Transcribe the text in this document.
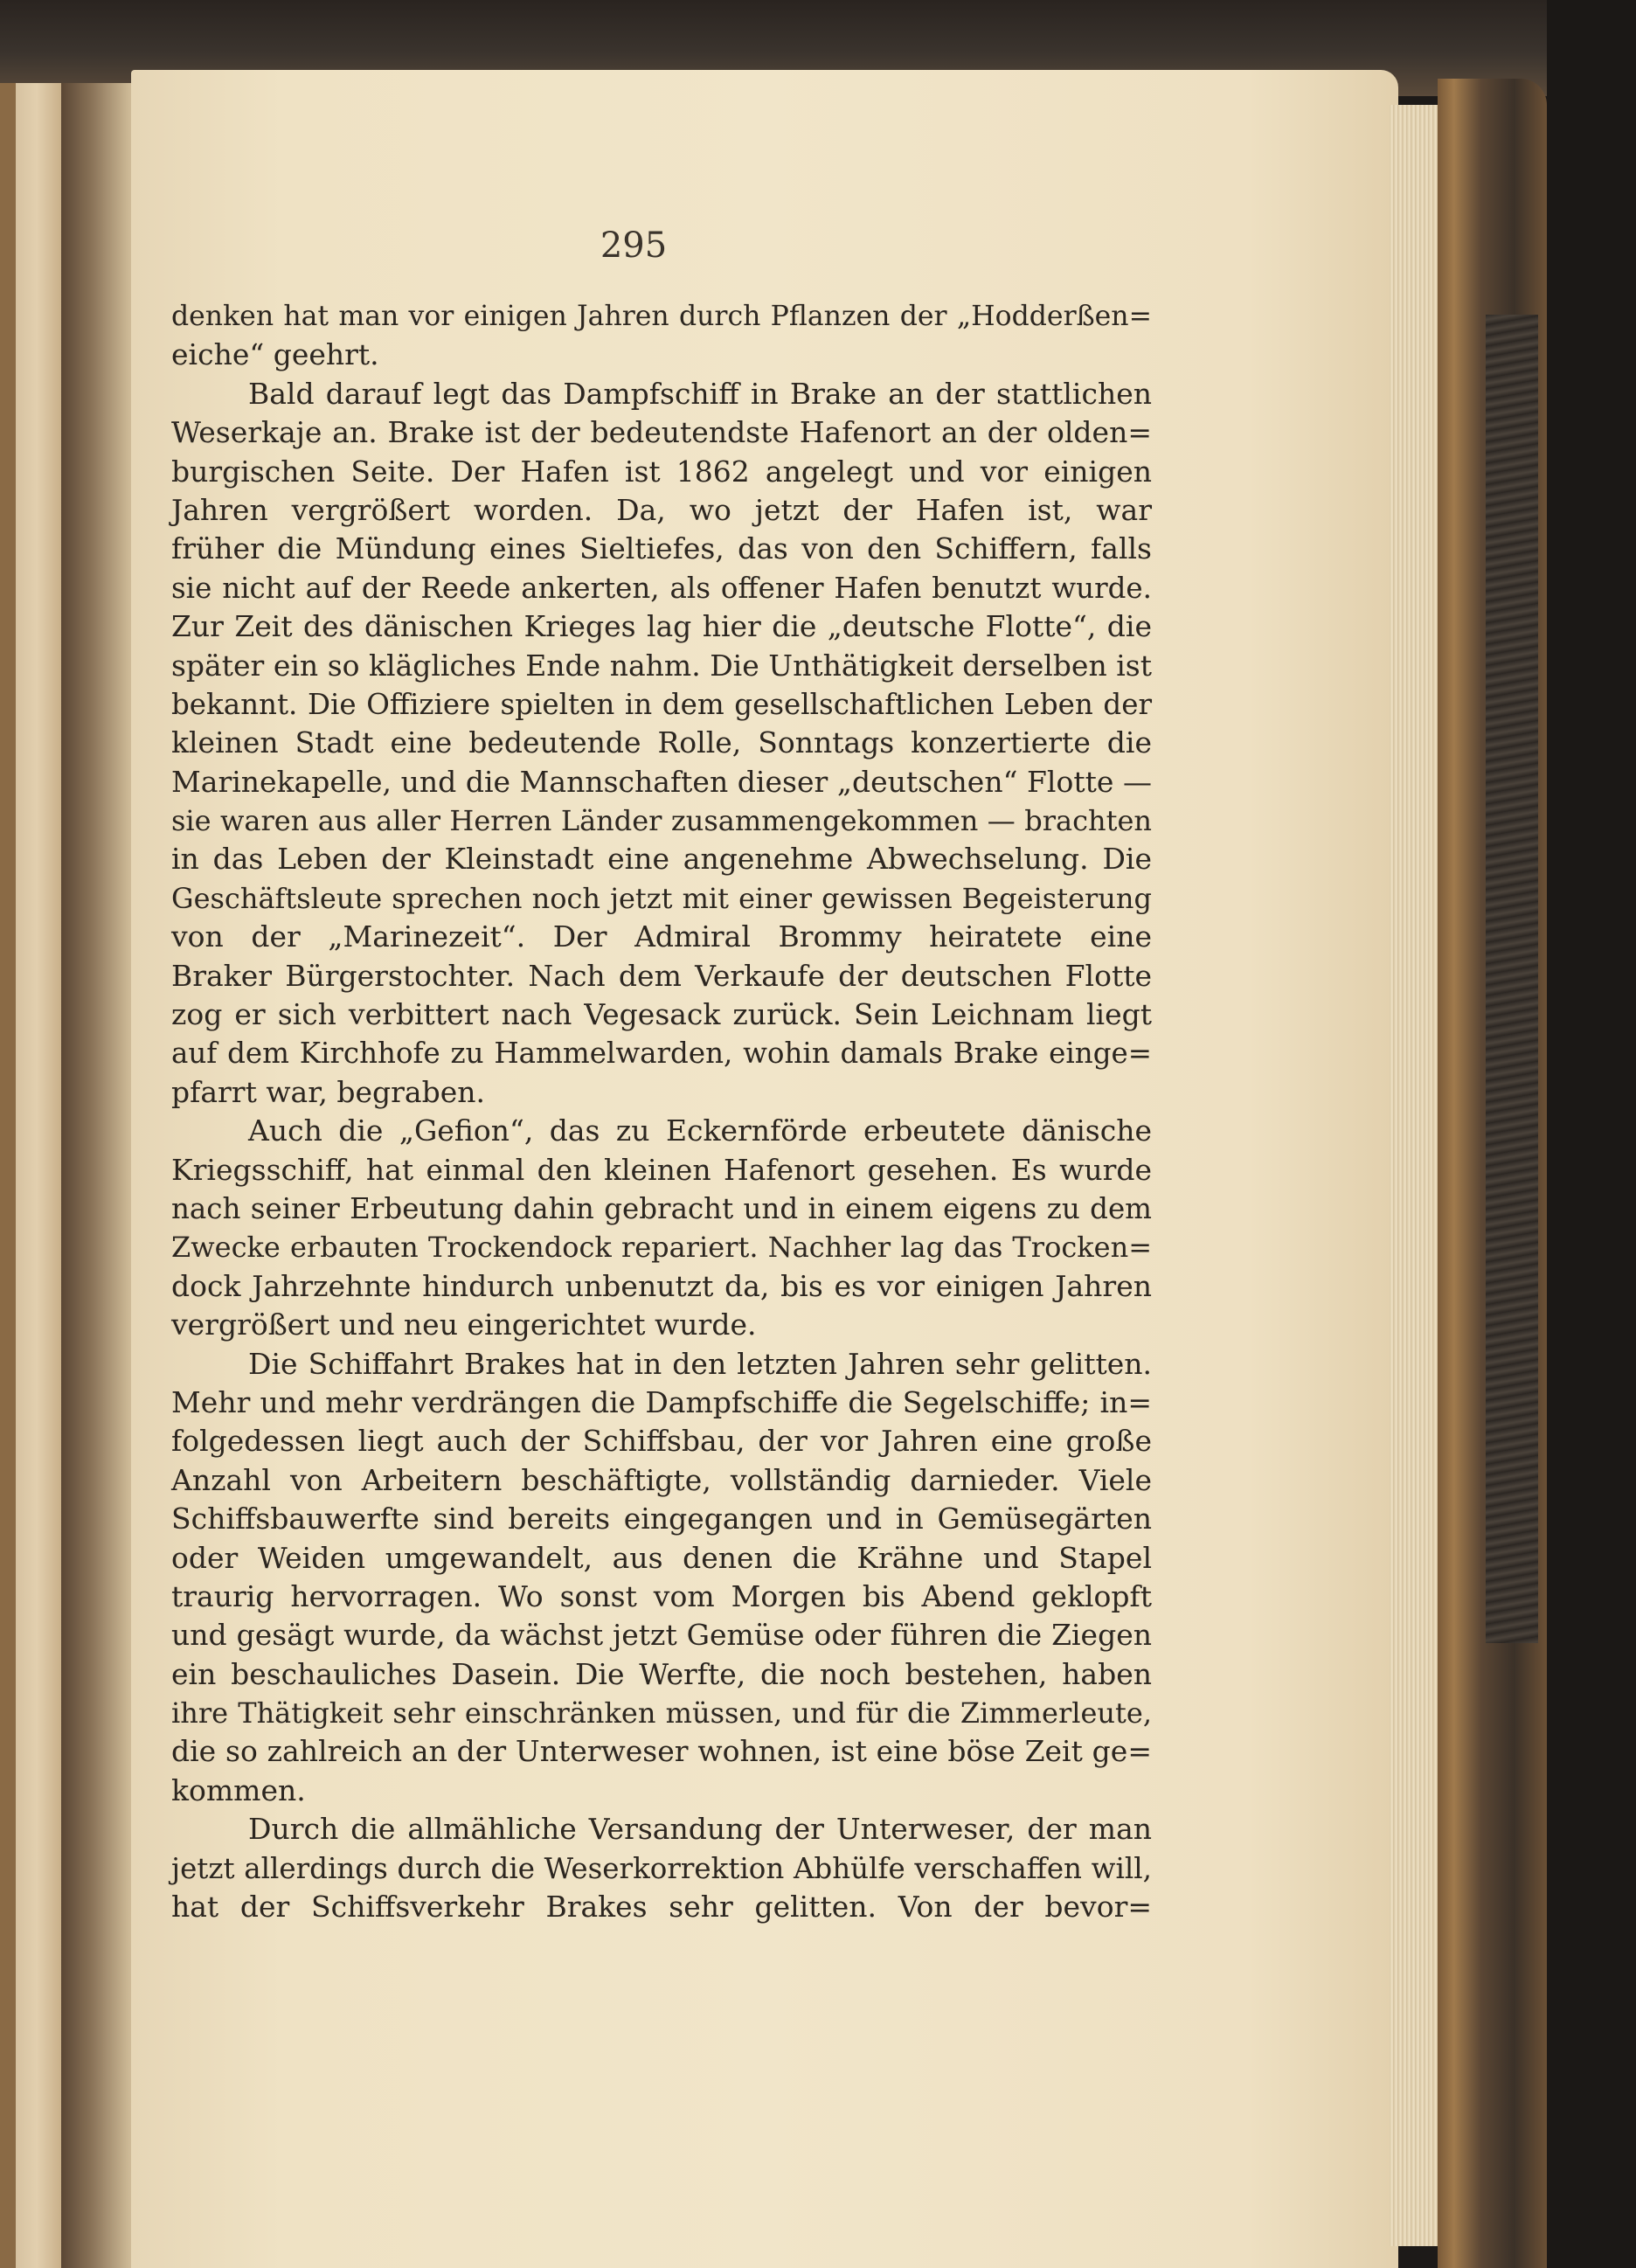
295
denken hat man vor einigen Jahren durch Pflanzen der „Hodderßen=
eiche“ geehrt.
Bald darauf legt das Dampfschiff in Brake an der stattlichen
Weserkaje an. Brake ist der bedeutendste Hafenort an der olden=
burgischen Seite. Der Hafen ist 1862 angelegt und vor einigen
Jahren vergrößert worden. Da, wo jetzt der Hafen ist, war
früher die Mündung eines Sieltiefes, das von den Schiffern, falls
sie nicht auf der Reede ankerten, als offener Hafen benutzt wurde.
Zur Zeit des dänischen Krieges lag hier die „deutsche Flotte“, die
später ein so klägliches Ende nahm. Die Unthätigkeit derselben ist
bekannt. Die Offiziere spielten in dem gesellschaftlichen Leben der
kleinen Stadt eine bedeutende Rolle, Sonntags konzertierte die
Marinekapelle, und die Mannschaften dieser „deutschen“ Flotte —
sie waren aus aller Herren Länder zusammengekommen — brachten
in das Leben der Kleinstadt eine angenehme Abwechselung. Die
Geschäftsleute sprechen noch jetzt mit einer gewissen Begeisterung
von der „Marinezeit“. Der Admiral Brommy heiratete eine
Braker Bürgerstochter. Nach dem Verkaufe der deutschen Flotte
zog er sich verbittert nach Vegesack zurück. Sein Leichnam liegt
auf dem Kirchhofe zu Hammelwarden, wohin damals Brake einge=
pfarrt war, begraben.
Auch die „Gefion“, das zu Eckernförde erbeutete dänische
Kriegsschiff, hat einmal den kleinen Hafenort gesehen. Es wurde
nach seiner Erbeutung dahin gebracht und in einem eigens zu dem
Zwecke erbauten Trockendock repariert. Nachher lag das Trocken=
dock Jahrzehnte hindurch unbenutzt da, bis es vor einigen Jahren
vergrößert und neu eingerichtet wurde.
Die Schiffahrt Brakes hat in den letzten Jahren sehr gelitten.
Mehr und mehr verdrängen die Dampfschiffe die Segelschiffe; in=
folgedessen liegt auch der Schiffsbau, der vor Jahren eine große
Anzahl von Arbeitern beschäftigte, vollständig darnieder. Viele
Schiffsbauwerfte sind bereits eingegangen und in Gemüsegärten
oder Weiden umgewandelt, aus denen die Krähne und Stapel
traurig hervorragen. Wo sonst vom Morgen bis Abend geklopft
und gesägt wurde, da wächst jetzt Gemüse oder führen die Ziegen
ein beschauliches Dasein. Die Werfte, die noch bestehen, haben
ihre Thätigkeit sehr einschränken müssen, und für die Zimmerleute,
die so zahlreich an der Unterweser wohnen, ist eine böse Zeit ge=
kommen.
Durch die allmähliche Versandung der Unterweser, der man
jetzt allerdings durch die Weserkorrektion Abhülfe verschaffen will,
hat der Schiffsverkehr Brakes sehr gelitten. Von der bevor=
